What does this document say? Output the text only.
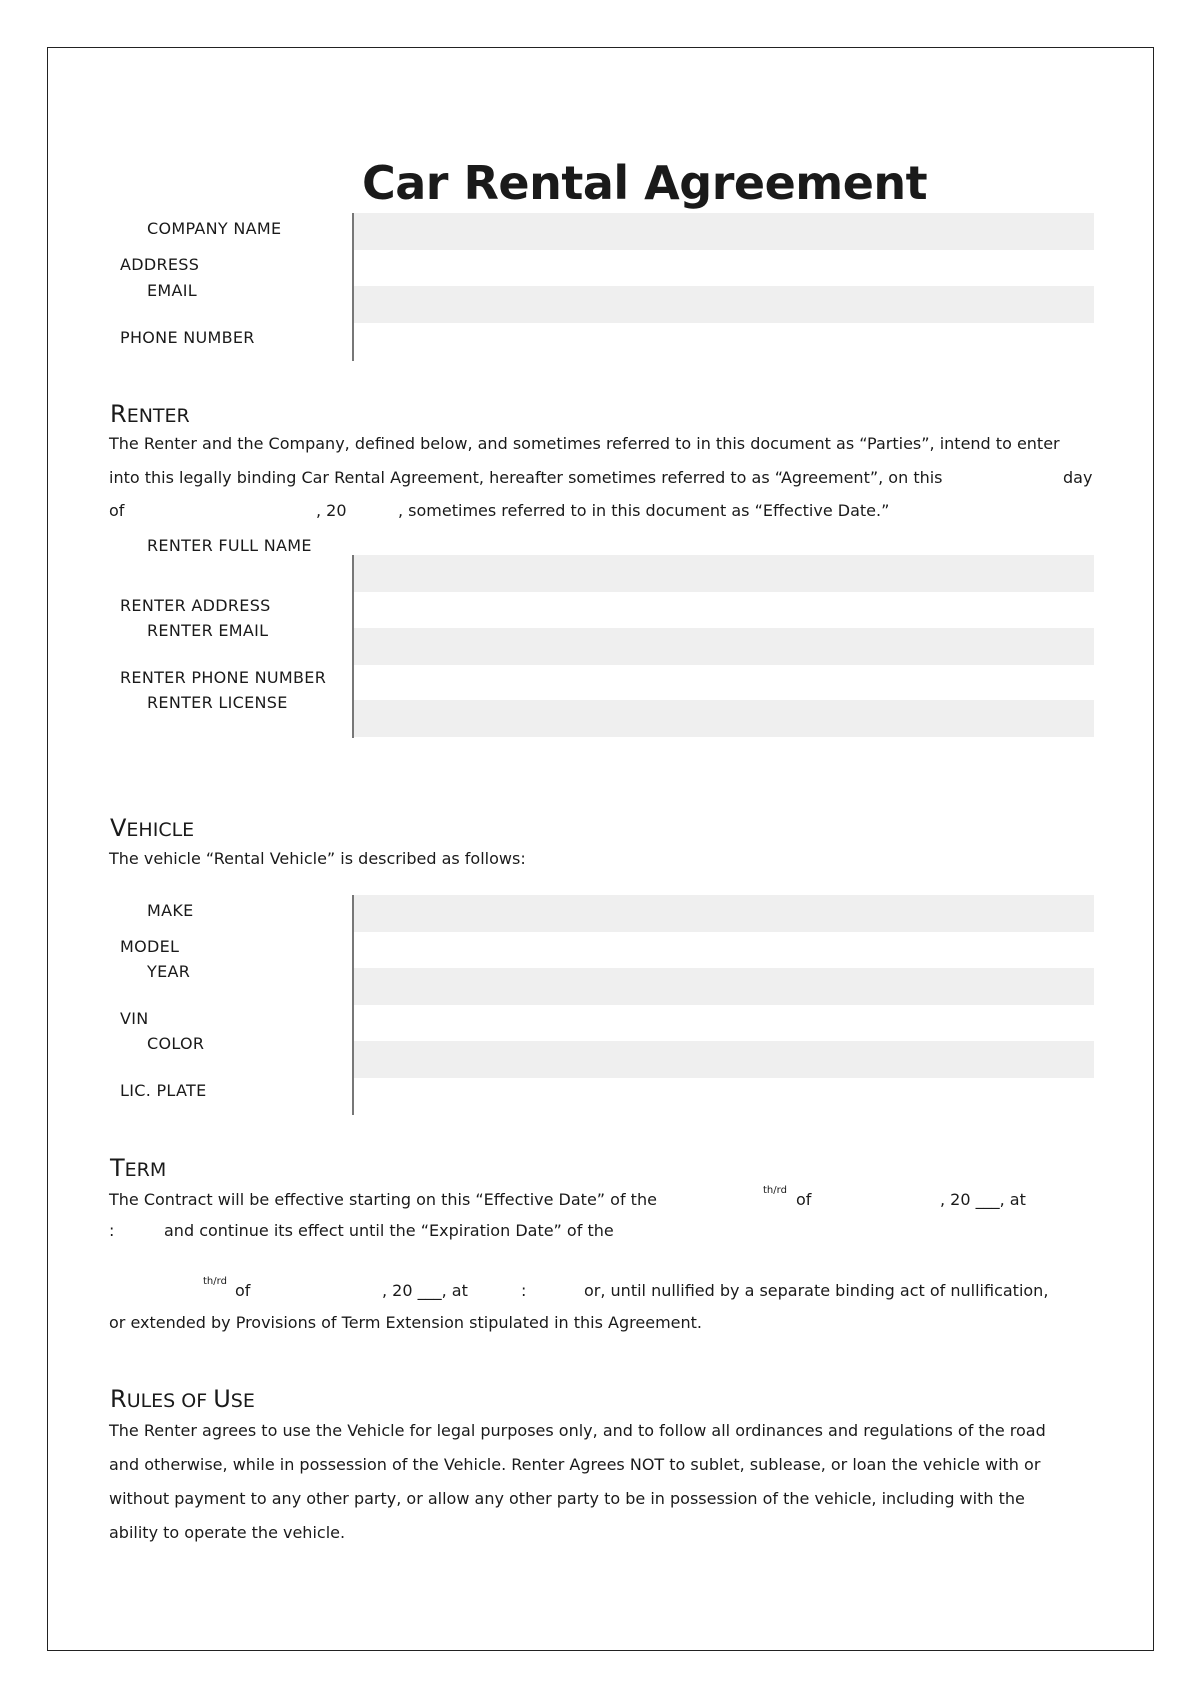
Car Rental Agreement
COMPANY NAME
ADDRESS
EMAIL
PHONE NUMBER
RENTER
The Renter and the Company, defined below, and sometimes referred to in this document as “Parties”, intend to enter
into this legally binding Car Rental Agreement, hereafter sometimes referred to as “Agreement”, on this	day
of	, 20	, sometimes referred to in this document as “Effective Date.”
RENTER FULL NAME
RENTER ADDRESS
RENTER EMAIL
RENTER PHONE NUMBER
RENTER LICENSE
VEHICLE
The vehicle “Rental Vehicle” is described as follows:
MAKE
MODEL
YEAR
VIN
COLOR
LIC. PLATE
TERM
The Contract will be effective starting on this “Effective Date” of the	th/rd of	, 20 ___, at
:	and continue its effect until the “Expiration Date” of the
th/rd of	, 20 ___, at	:	or, until nullified by a separate binding act of nullification,
or extended by Provisions of Term Extension stipulated in this Agreement.
RULES OF USE
The Renter agrees to use the Vehicle for legal purposes only, and to follow all ordinances and regulations of the road
and otherwise, while in possession of the Vehicle. Renter Agrees NOT to sublet, sublease, or loan the vehicle with or
without payment to any other party, or allow any other party to be in possession of the vehicle, including with the
ability to operate the vehicle.
